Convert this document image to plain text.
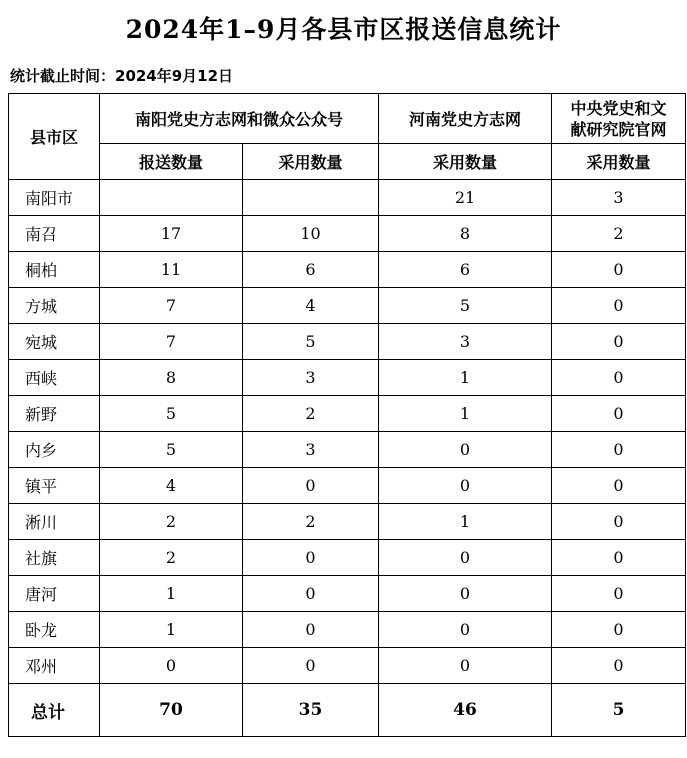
2024年1–9月各县市区报送信息统计
统计截止时间：2024年9月12日
县市区	南阳党史方志网和微众公众号		河南党史方志网	中央党史和文
献研究院官网
	报送数量	采用数量	采用数量	采用数量
南阳市			21	3
南召	17	10	8	2
桐柏	11	6	6	0
方城	7	4	5	0
宛城	7	5	3	0
西峡	8	3	1	0
新野	5	2	1	0
内乡	5	3	0	0
镇平	4	0	0	0
淅川	2	2	1	0
社旗	2	0	0	0
唐河	1	0	0	0
卧龙	1	0	0	0
邓州	0	0	0	0
总计	70	35	46	5
